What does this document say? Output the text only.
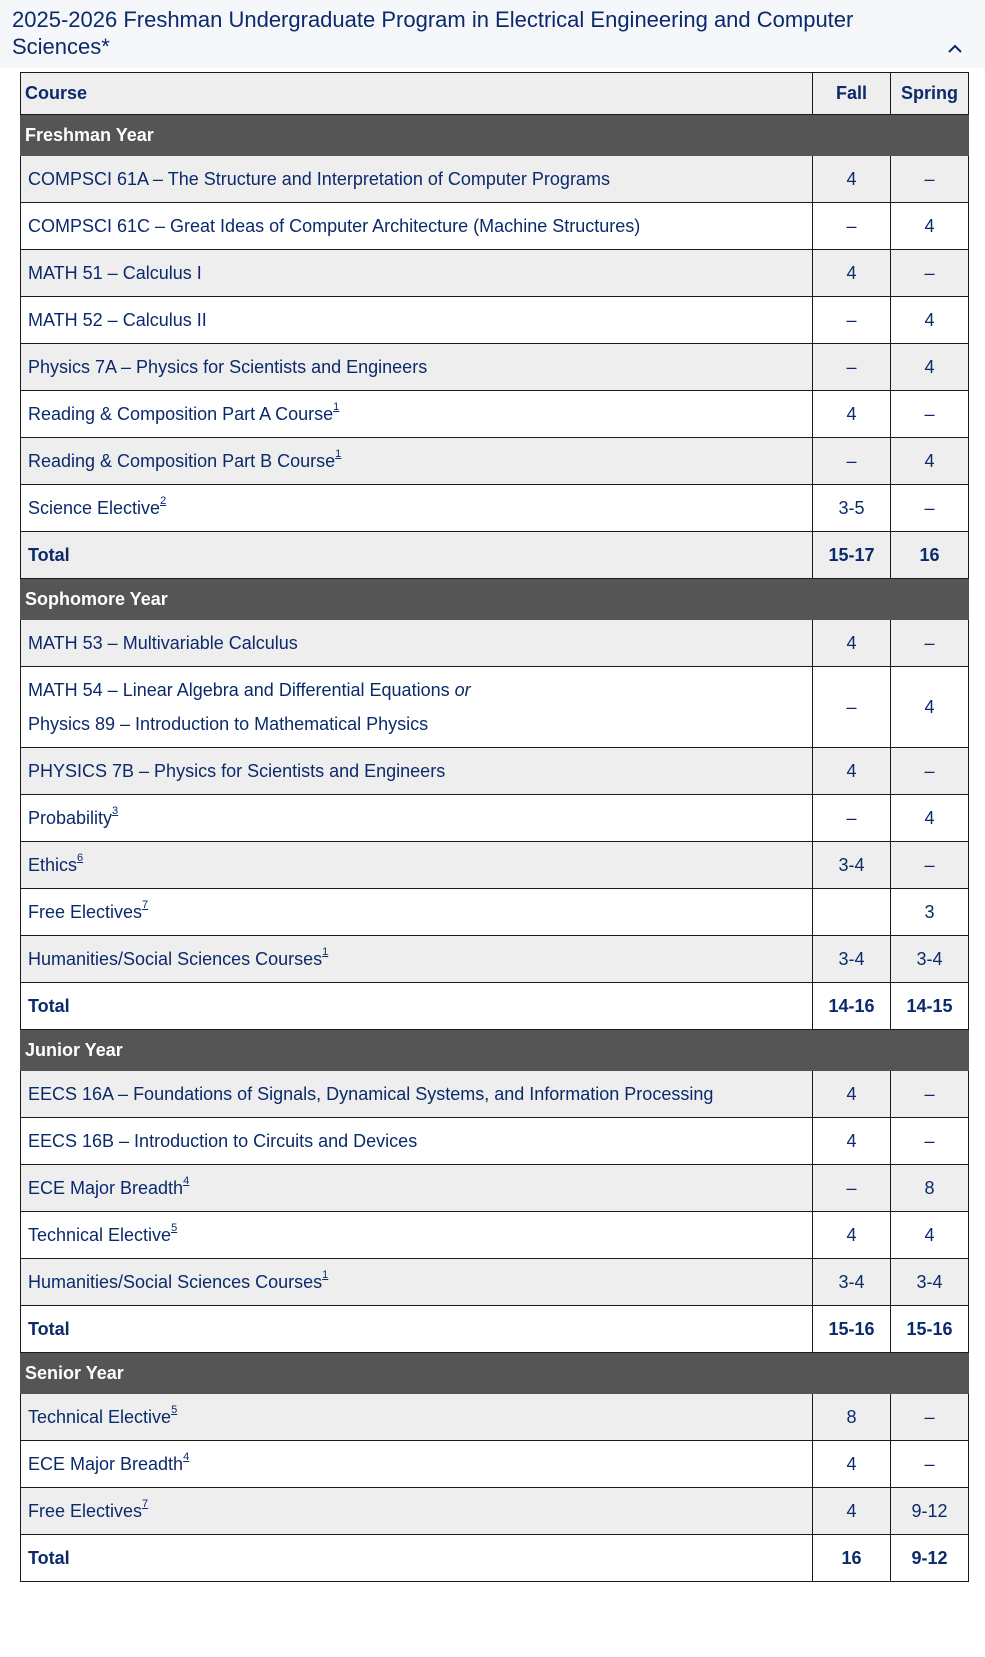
2025-2026 Freshman Undergraduate Program in Electrical Engineering and Computer Sciences*
Course	Fall	Spring
Freshman Year		
COMPSCI 61A – The Structure and Interpretation of Computer Programs	4	–
COMPSCI 61C – Great Ideas of Computer Architecture (Machine Structures)	–	4
MATH 51 – Calculus I	4	–
MATH 52 – Calculus II	–	4
Physics 7A – Physics for Scientists and Engineers	–	4
Reading & Composition Part A Course$^1$	4	–
Reading & Composition Part B Course$^1$	–	4
Science Elective$^2$	3-5	–
Total	15-17	16
Sophomore Year		
MATH 53 – Multivariable Calculus	4	–
MATH 54 – Linear Algebra and Differential Equations or
Physics 89 – Introduction to Mathematical Physics	–	4
PHYSICS 7B – Physics for Scientists and Engineers	4	–
Probability$^3$	–	4
Ethics$^6$	3-4	–
Free Electives$^7$		3
Humanities/Social Sciences Courses$^1$	3-4	3-4
Total	14-16	14-15
Junior Year		
EECS 16A – Foundations of Signals, Dynamical Systems, and Information Processing	4	–
EECS 16B – Introduction to Circuits and Devices	4	–
ECE Major Breadth$^4$	–	8
Technical Elective$^5$	4	4
Humanities/Social Sciences Courses$^1$	3-4	3-4
Total	15-16	15-16
Senior Year		
Technical Elective$^5$	8	–
ECE Major Breadth$^4$	4	–
Free Electives$^7$	4	9-12
Total	16	9-12
